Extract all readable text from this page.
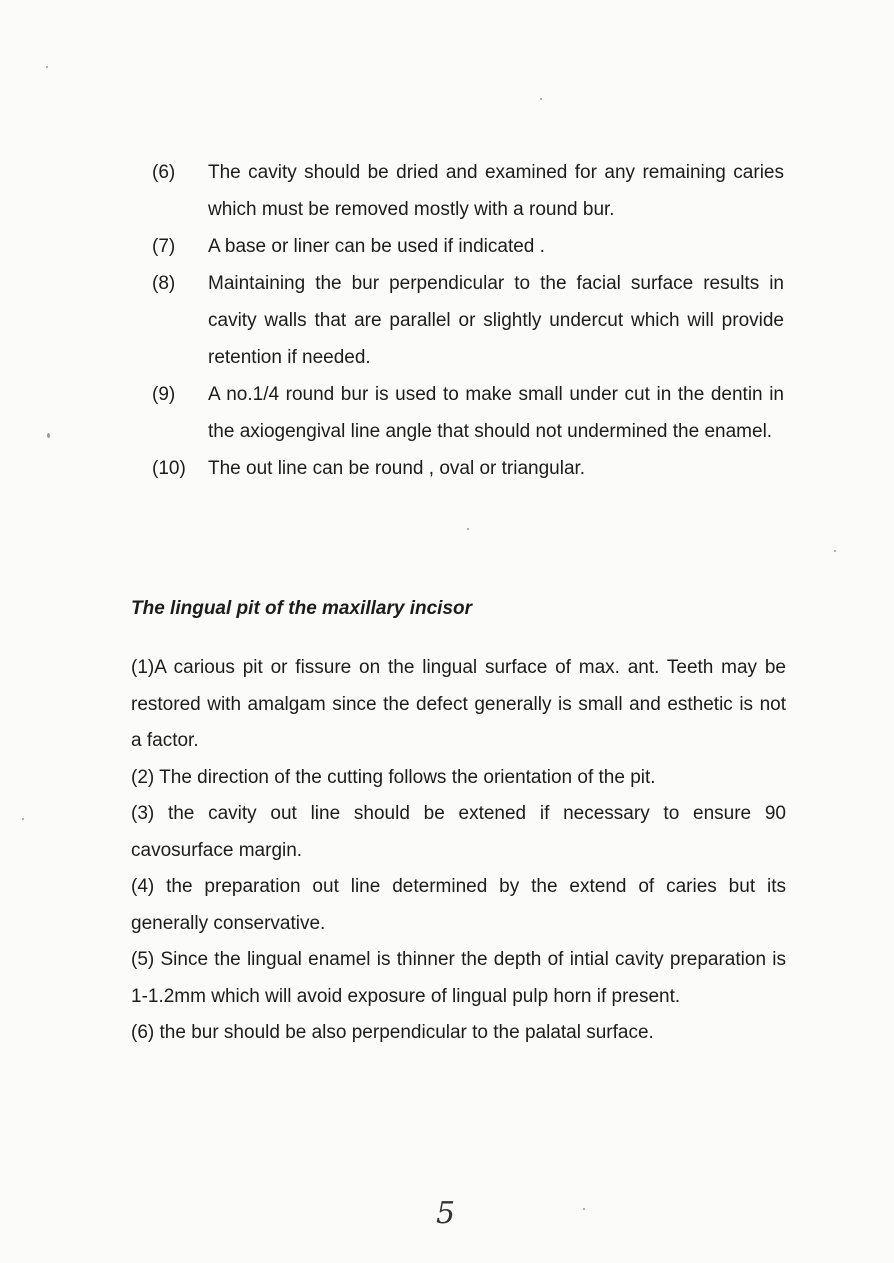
(6)	The cavity should be dried and examined for any remaining caries which must be removed mostly with a round bur.
(7)	A base or liner can be used if indicated .
(8)	Maintaining the bur perpendicular to the facial surface results in cavity walls that are parallel or slightly undercut which will provide retention if needed.
(9)	A no.1/4 round bur is used to make small under cut in the dentin in the axiogengival line angle that should not undermined the enamel.
(10)	The out line can be round , oval or triangular.
The lingual pit of the maxillary incisor

(1)A carious pit or fissure on the lingual surface of max. ant. Teeth may be restored with amalgam since the defect generally is small and esthetic is not a factor.

(2) The direction of the cutting follows the orientation of the pit.

(3) the cavity out line should be extened if necessary to ensure 90 cavosurface margin.

(4) the preparation out line determined by the extend of caries but its generally conservative.

(5) Since the lingual enamel is thinner the depth of intial cavity preparation is 1-1.2mm which will avoid exposure of lingual pulp horn if present.

(6) the bur should be also perpendicular to the palatal surface.

5
